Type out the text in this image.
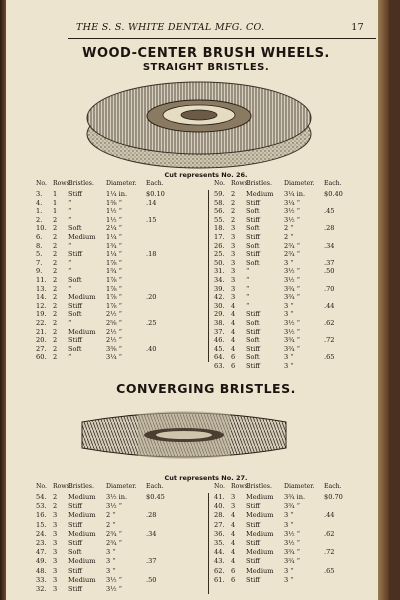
THE S. S. WHITE DENTAL MFG. CO.	17
WOOD-CENTER BRUSH WHEELS.
STRAIGHT BRISTLES.
Cut represents No. 26.
No. Rows.
Bristles. Diameter. Each.
3. 1 Stiff	1¼ in.	$0.10
4. 1 “	1⅜ “	.14
1. 1 “	1½ “
2. 2 “	1½ “	.15
10. 2 Soft	2¼ “
6. 2 Medium 1¼ “
8. 2 “	1¾ “
5. 2 Stiff	1¼ “	.18
7. 2 “	1⅞ “
9. 2 “	1¾ “
11. 2 Soft	1⅞ “
13. 2 “	1⅞ “
14. 2 Medium 1⅞ “	.20
12. 2 Stiff	1⅞ “
19. 2 Soft	2½ “
22. 2 “	2⅝ “	.25
21. 2 Medium 2½ “
20. 2 Stiff	2½ “
27. 2 Soft	3⅜ “	.40
60. 2 “	3¼ “
No. Rows.
Bristles. Diameter. Each.
59. 2 Medium 3¼ in.	$0.40
58. 2 Stiff	3¼ “
56. 2 Soft	3½ “	.45
55. 2 Stiff	3½ “
18. 3 Soft	2 “	.28
17. 3 Stiff	2 “
26. 3 Soft	2¾ “	.34
25. 3 Stiff	2¾ “
50. 3 Soft	3 “	.37
31. 3 “	3½ “	.50
34. 3 “	3½ “
39. 3 “	3¾ “	.70
42. 3 “	3¾ “
30. 4 “	3 “	.44
29. 4 Stiff	3 “
38. 4 Soft	3½ “	.62
37. 4 Stiff	3½ “
46. 4 Soft	3¾ “	.72
45. 4 Stiff	3¾ “
64. 6 Soft	3 “	.65
63. 6 Stiff	3 “
CONVERGING BRISTLES.
Cut represents No. 27.
No. Rows.
Bristles. Diameter. Each.
54. 2 Medium 3½ in.	$0.45
53. 2 Stiff	3½ “
16. 3 Medium 2 “	.28
15. 3 Stiff	2 “
24. 3 Medium 2¾ “	.34
23. 3 Stiff	2¾ “
47. 3 Soft	3 “
49. 3 Medium 3 “	.37
48. 3 Stiff	3 “
33. 3 Medium 3½ “	.50
32. 3 Stiff	3½ “
No. Rows.
Bristles. Diameter. Each.
41. 3 Medium 3¾ in.	$0.70
40. 3 Stiff	3¾ “
28. 4 Medium 3 “	.44
27. 4 Stiff	3 “
36. 4 Medium 3½ “	.62
35. 4 Stiff	3½ “
44. 4 Medium 3¾ “	.72
43. 4 Stiff	3¾ “
62. 6 Medium 3 “	.65
61. 6 Stiff	3 “
